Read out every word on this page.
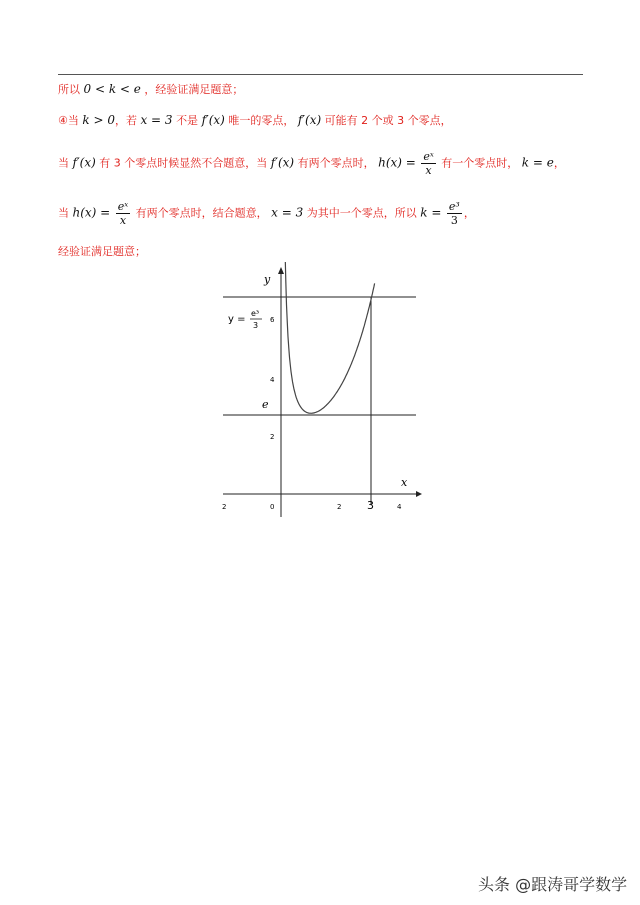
所以 0 < k < e ，经验证满足题意；
④当 k > 0，若 x = 3 不是 f′(x) 唯一的零点， f′(x) 可能有 2 个或 3 个零点，
当 f′(x) 有 3 个零点时候显然不合题意，当 f′(x) 有两个零点时， $h(x) = \frac{\text{eˣ}}{x}$ 有一个零点时， k = e，
当 $h(x) = \frac{\text{eˣ}}{x}$ 有两个零点时，结合题意， x = 3 为其中一个零点，所以 $k = \frac{\text{e³}}{3}$ ，
经验证满足题意；
x
y
2	0	2	4
3
6
4
2
e
y =
e³
3
头条 @跟涛哥学数学
